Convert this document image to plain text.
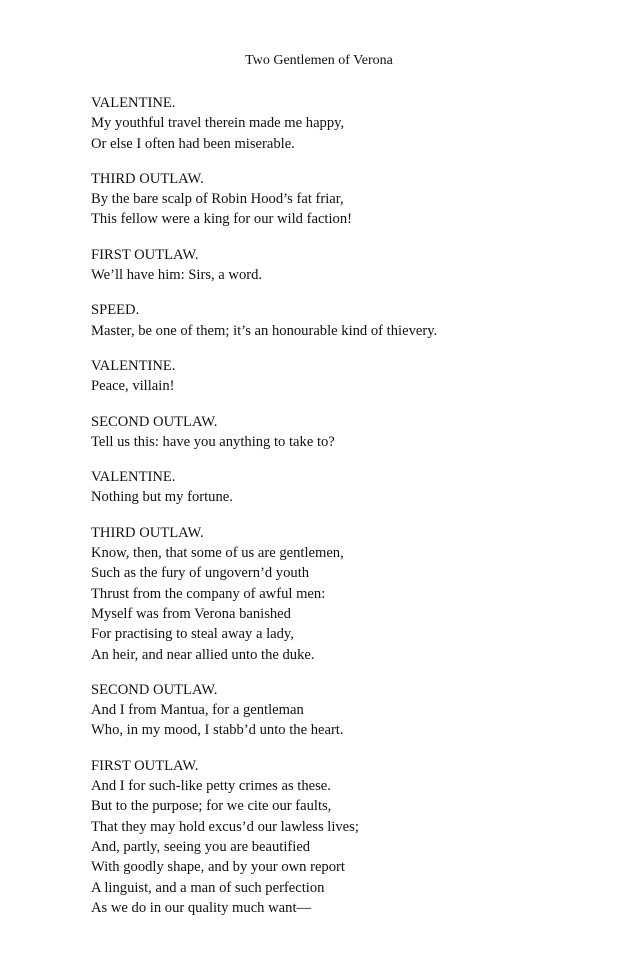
Two Gentlemen of Verona
VALENTINE.
My youthful travel therein made me happy,
Or else I often had been miserable.
THIRD OUTLAW.
By the bare scalp of Robin Hood’s fat friar,
This fellow were a king for our wild faction!
FIRST OUTLAW.
We’ll have him: Sirs, a word.
SPEED.
Master, be one of them; it’s an honourable kind of thievery.
VALENTINE.
Peace, villain!
SECOND OUTLAW.
Tell us this: have you anything to take to?
VALENTINE.
Nothing but my fortune.
THIRD OUTLAW.
Know, then, that some of us are gentlemen,
Such as the fury of ungovern’d youth
Thrust from the company of awful men:
Myself was from Verona banished
For practising to steal away a lady,
An heir, and near allied unto the duke.
SECOND OUTLAW.
And I from Mantua, for a gentleman
Who, in my mood, I stabb’d unto the heart.
FIRST OUTLAW.
And I for such-like petty crimes as these.
But to the purpose; for we cite our faults,
That they may hold excus’d our lawless lives;
And, partly, seeing you are beautified
With goodly shape, and by your own report
A linguist, and a man of such perfection
As we do in our quality much want—
